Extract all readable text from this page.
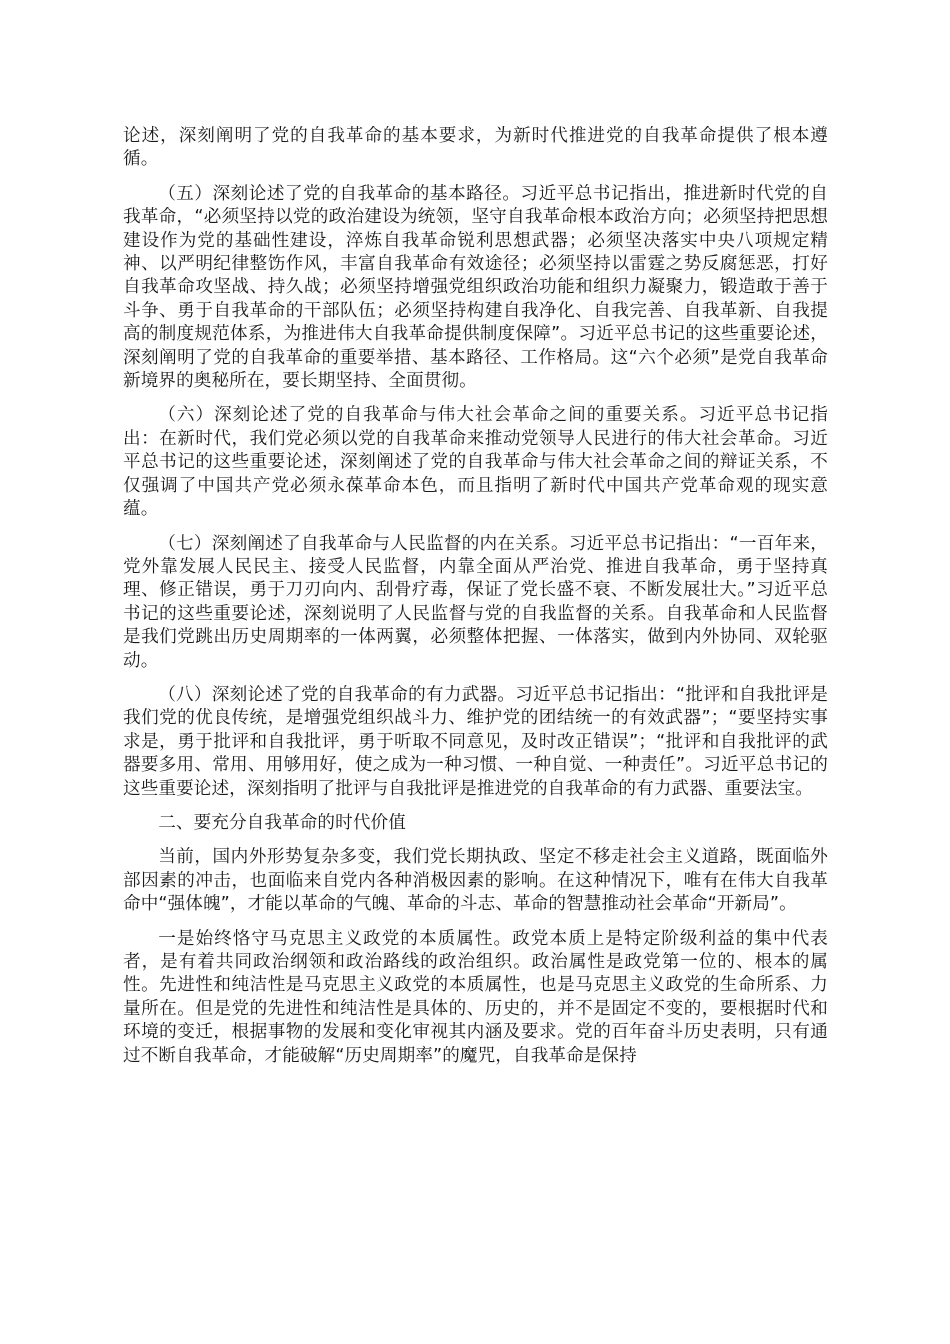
论述，深刻阐明了党的自我革命的基本要求，为新时代推进党的自我革命提供了根本遵循。

（五）深刻论述了党的自我革命的基本路径。习近平总书记指出，推进新时代党的自我革命，“必须坚持以党的政治建设为统领，坚守自我革命根本政治方向；必须坚持把思想建设作为党的基础性建设，淬炼自我革命锐利思想武器；必须坚决落实中央八项规定精神、以严明纪律整饬作风，丰富自我革命有效途径；必须坚持以雷霆之势反腐惩恶，打好自我革命攻坚战、持久战；必须坚持增强党组织政治功能和组织力凝聚力，锻造敢于善于斗争、勇于自我革命的干部队伍；必须坚持构建自我净化、自我完善、自我革新、自我提高的制度规范体系，为推进伟大自我革命提供制度保障”。习近平总书记的这些重要论述，深刻阐明了党的自我革命的重要举措、基本路径、工作格局。这“六个必须”是党自我革命新境界的奥秘所在，要长期坚持、全面贯彻。

（六）深刻论述了党的自我革命与伟大社会革命之间的重要关系。习近平总书记指出：在新时代，我们党必须以党的自我革命来推动党领导人民进行的伟大社会革命。习近平总书记的这些重要论述，深刻阐述了党的自我革命与伟大社会革命之间的辩证关系，不仅强调了中国共产党必须永葆革命本色，而且指明了新时代中国共产党革命观的现实意蕴。

（七）深刻阐述了自我革命与人民监督的内在关系。习近平总书记指出：“一百年来，党外靠发展人民民主、接受人民监督，内靠全面从严治党、推进自我革命，勇于坚持真理、修正错误，勇于刀刃向内、刮骨疗毒，保证了党长盛不衰、不断发展壮大。”习近平总书记的这些重要论述，深刻说明了人民监督与党的自我监督的关系。自我革命和人民监督是我们党跳出历史周期率的一体两翼，必须整体把握、一体落实，做到内外协同、双轮驱动。

（八）深刻论述了党的自我革命的有力武器。习近平总书记指出：“批评和自我批评是我们党的优良传统，是增强党组织战斗力、维护党的团结统一的有效武器”；“要坚持实事求是，勇于批评和自我批评，勇于听取不同意见，及时改正错误”；“批评和自我批评的武器要多用、常用、用够用好，使之成为一种习惯、一种自觉、一种责任”。习近平总书记的这些重要论述，深刻指明了批评与自我批评是推进党的自我革命的有力武器、重要法宝。

二、要充分自我革命的时代价值

当前，国内外形势复杂多变，我们党长期执政、坚定不移走社会主义道路，既面临外部因素的冲击，也面临来自党内各种消极因素的影响。在这种情况下，唯有在伟大自我革命中“强体魄”，才能以革命的气魄、革命的斗志、革命的智慧推动社会革命“开新局”。

一是始终恪守马克思主义政党的本质属性。政党本质上是特定阶级利益的集中代表者，是有着共同政治纲领和政治路线的政治组织。政治属性是政党第一位的、根本的属性。先进性和纯洁性是马克思主义政党的本质属性，也是马克思主义政党的生命所系、力量所在。但是党的先进性和纯洁性是具体的、历史的，并不是固定不变的，要根据时代和环境的变迁，根据事物的发展和变化审视其内涵及要求。党的百年奋斗历史表明，只有通过不断自我革命，才能破解“历史周期率”的魔咒，自我革命是保持
